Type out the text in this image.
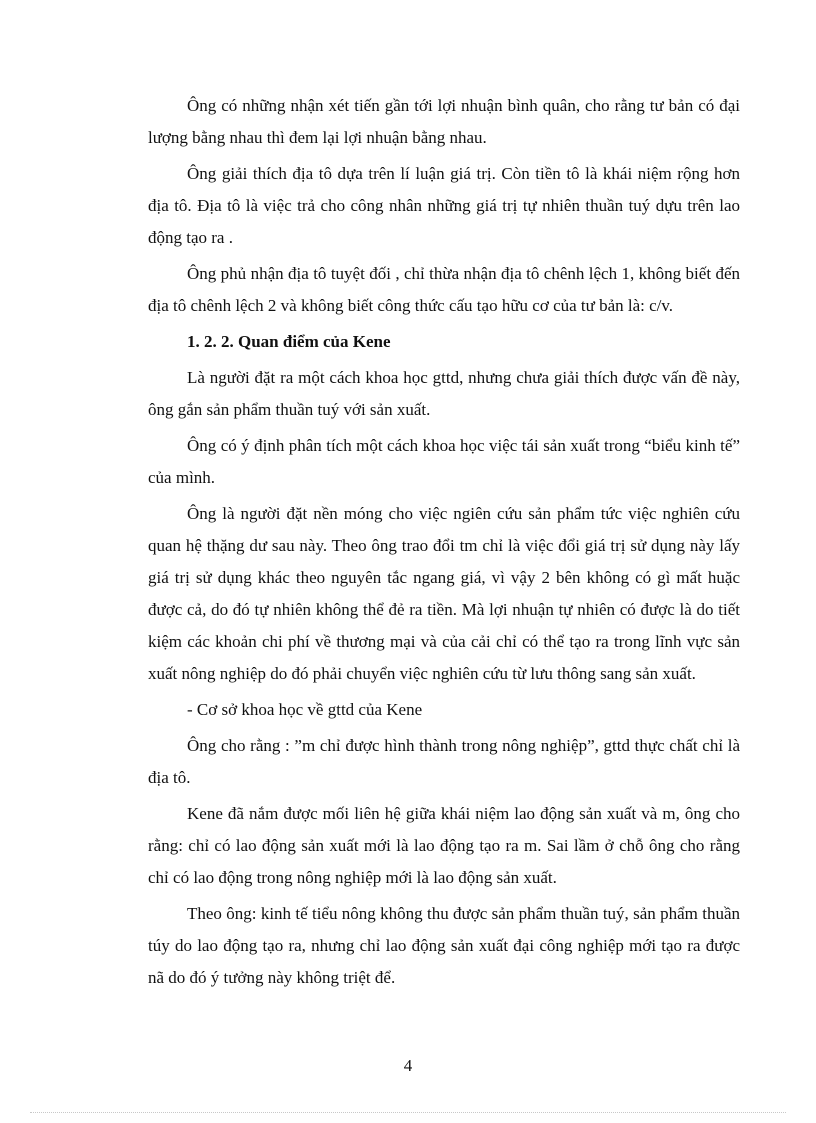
Ông có những nhận xét tiến gần tới lợi nhuận bình quân, cho rằng tư bản có đại lượng bằng nhau thì đem lại lợi nhuận bằng nhau.

Ông giải thích địa tô dựa trên lí luận giá trị. Còn tiền tô là khái niệm rộng hơn địa tô. Địa tô là việc trả cho công nhân những giá trị tự nhiên thuần tuý dựu trên lao động tạo ra .

Ông phủ nhận địa tô tuyệt đối , chỉ thừa nhận địa tô chênh lệch 1, không biết đến địa tô chênh lệch 2 và không biết công thức cấu tạo hữu cơ của tư bản là: c/v.

1. 2. 2. Quan điểm của Kene

Là người đặt ra một cách khoa học gttd, nhưng chưa giải thích được vấn đề này, ông gắn sản phẩm thuần tuý với sản xuất.

Ông có ý định phân tích một cách khoa học việc tái sản xuất trong “biểu kinh tế” của mình.

Ông là người đặt nền móng cho việc ngiên cứu sản phẩm tức việc nghiên cứu quan hệ thặng dư sau này. Theo ông trao đổi tm chỉ là việc đổi giá trị sử dụng này lấy giá trị sử dụng khác theo nguyên tắc ngang giá, vì vậy 2 bên không có gì mất huặc được cả, do đó tự nhiên không thể đẻ ra tiền. Mà lợi nhuận tự nhiên có được là do tiết kiệm các khoản chi phí về thương mại và của cải chỉ có thể tạo ra trong lĩnh vực sản xuất nông nghiệp do đó phải chuyển việc nghiên cứu từ lưu thông sang sản xuất.

- Cơ sở khoa học về gttd của Kene

Ông cho rằng : ”m chỉ được hình thành trong nông nghiệp”, gttd thực chất chỉ là địa tô.

Kene đã nắm được mối liên hệ giữa khái niệm lao động sản xuất và m, ông cho rằng: chỉ có lao động sản xuất mới là lao động tạo ra m. Sai lầm ở chỗ ông cho rằng chỉ có lao động trong nông nghiệp mới là lao động sản xuất.

Theo ông: kinh tế tiểu nông không thu được sản phẩm thuần tuý, sản phẩm thuần túy do lao động tạo ra, nhưng chỉ lao động sản xuất đại công nghiệp mới tạo ra được nã do đó ý tưởng này không triệt để.

4
